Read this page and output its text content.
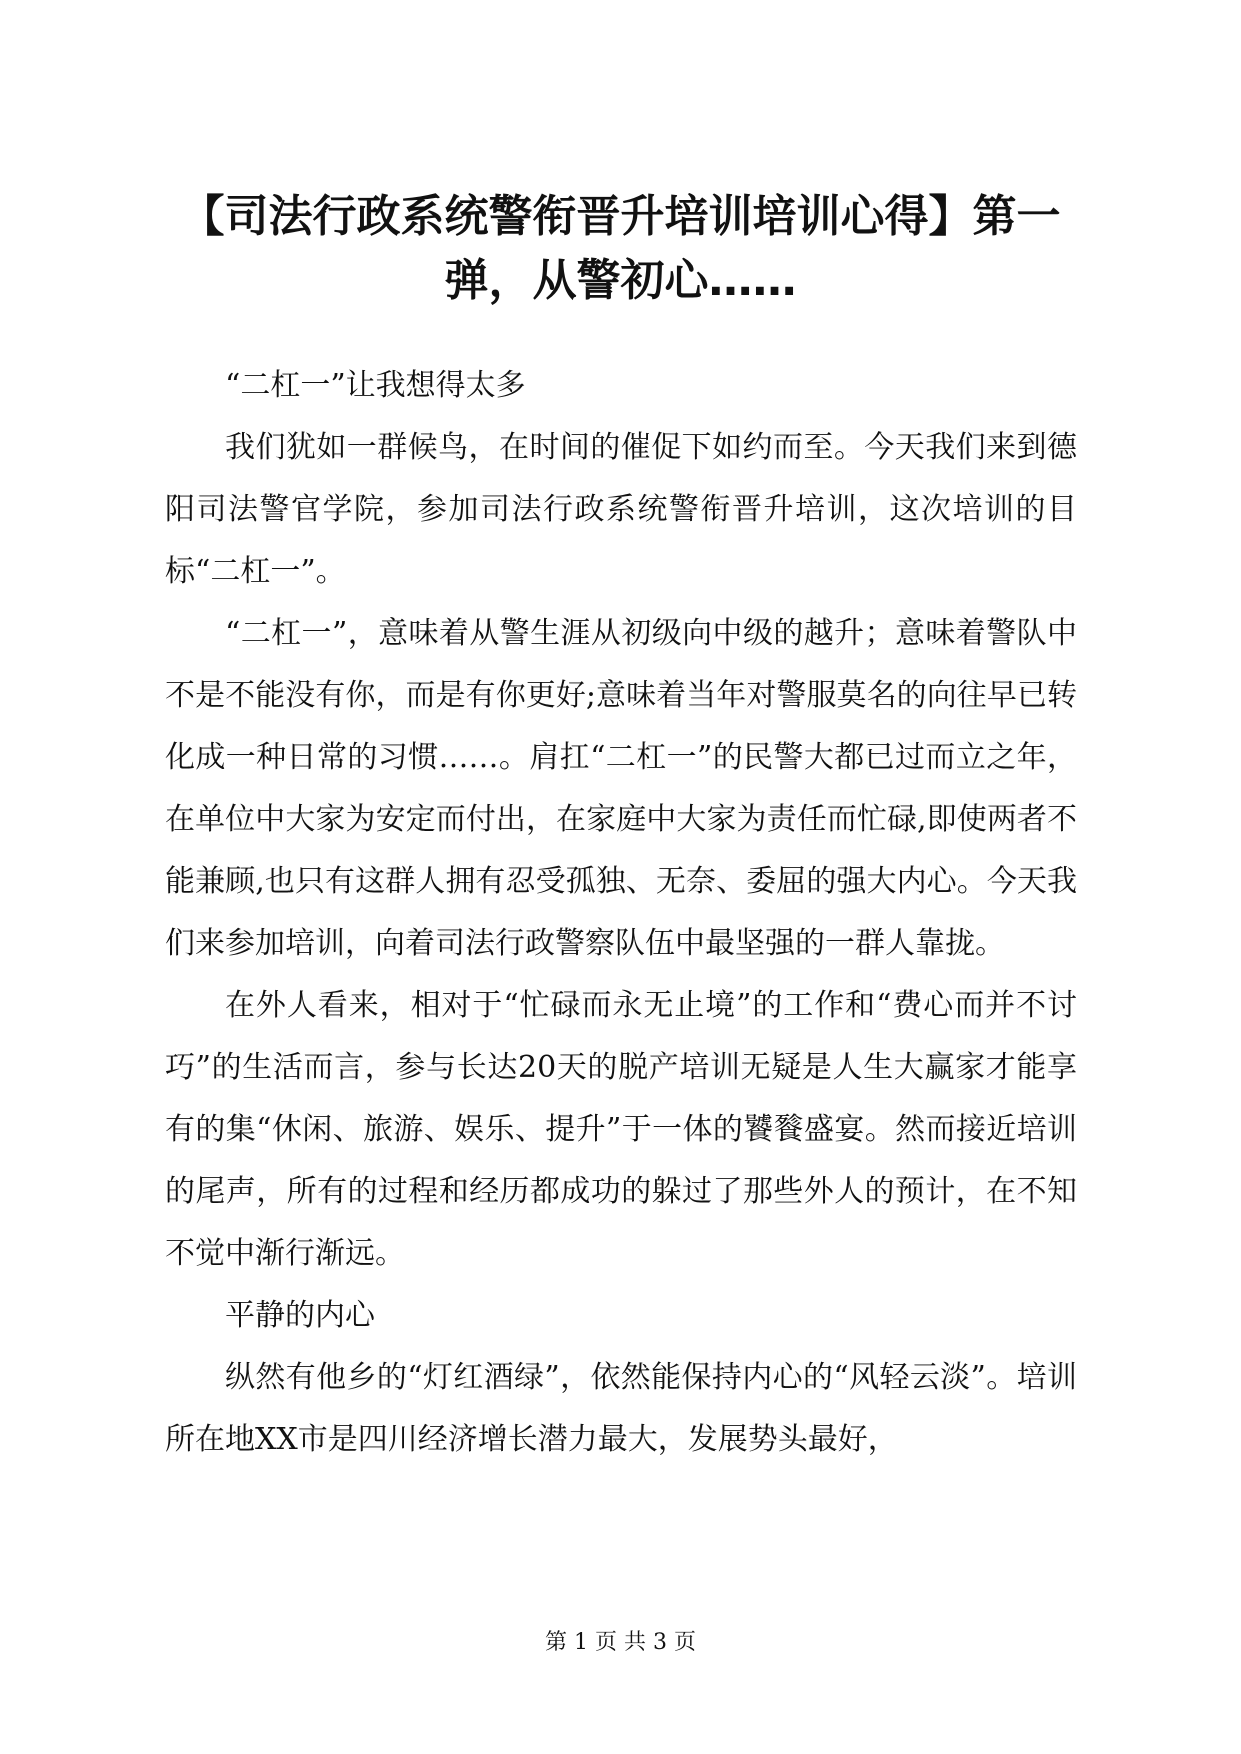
【司法行政系统警衔晋升培训培训心得】第一弹，从警初心……

“二杠一”让我想得太多

我们犹如一群候鸟，在时间的催促下如约而至。今天我们来到德阳司法警官学院，参加司法行政系统警衔晋升培训，这次培训的目标“二杠一”。

“二杠一”，意味着从警生涯从初级向中级的越升；意味着警队中不是不能没有你，而是有你更好;意味着当年对警服莫名的向往早已转化成一种日常的习惯……。肩扛“二杠一”的民警大都已过而立之年，在单位中大家为安定而付出，在家庭中大家为责任而忙碌,即使两者不能兼顾,也只有这群人拥有忍受孤独、无奈、委屈的强大内心。今天我们来参加培训，向着司法行政警察队伍中最坚强的一群人靠拢。

在外人看来，相对于“忙碌而永无止境”的工作和“费心而并不讨巧”的生活而言，参与长达20天的脱产培训无疑是人生大赢家才能享有的集“休闲、旅游、娱乐、提升”于一体的饕餮盛宴。然而接近培训的尾声，所有的过程和经历都成功的躲过了那些外人的预计，在不知不觉中渐行渐远。

平静的内心

纵然有他乡的“灯红酒绿”，依然能保持内心的“风轻云淡”。培训所在地XX市是四川经济增长潜力最大，发展势头最好，

第 1 页 共 3 页
